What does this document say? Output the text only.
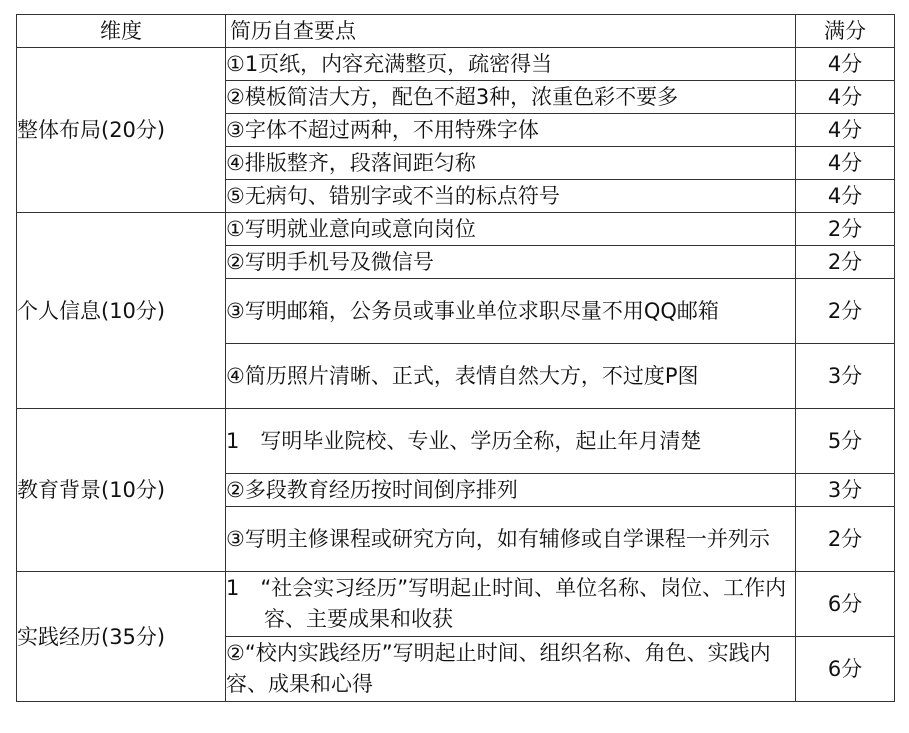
维度	简历自查要点	满分
整体布局(20分)	①1页纸，内容充满整页，疏密得当	4分
	②模板简洁大方，配色不超3种，浓重色彩不要多	4分
	③字体不超过两种，不用特殊字体	4分
	④排版整齐，段落间距匀称	4分
	⑤无病句、错别字或不当的标点符号	4分
个人信息(10分)	①写明就业意向或意向岗位	2分
	②写明手机号及微信号	2分
	③写明邮箱，公务员或事业单位求职尽量不用QQ邮箱	2分
	④简历照片清晰、正式，表情自然大方，不过度P图	3分
教育背景(10分)	1　写明毕业院校、专业、学历全称，起止年月清楚	5分
	②多段教育经历按时间倒序排列	3分
	③写明主修课程或研究方向，如有辅修或自学课程一并列示	2分
实践经历(35分)	1　“社会实习经历”写明起止时间、单位名称、岗位、工作内容、主要成果和收获	6分
	②“校内实践经历”写明起止时间、组织名称、角色、实践内容、成果和心得	6分
